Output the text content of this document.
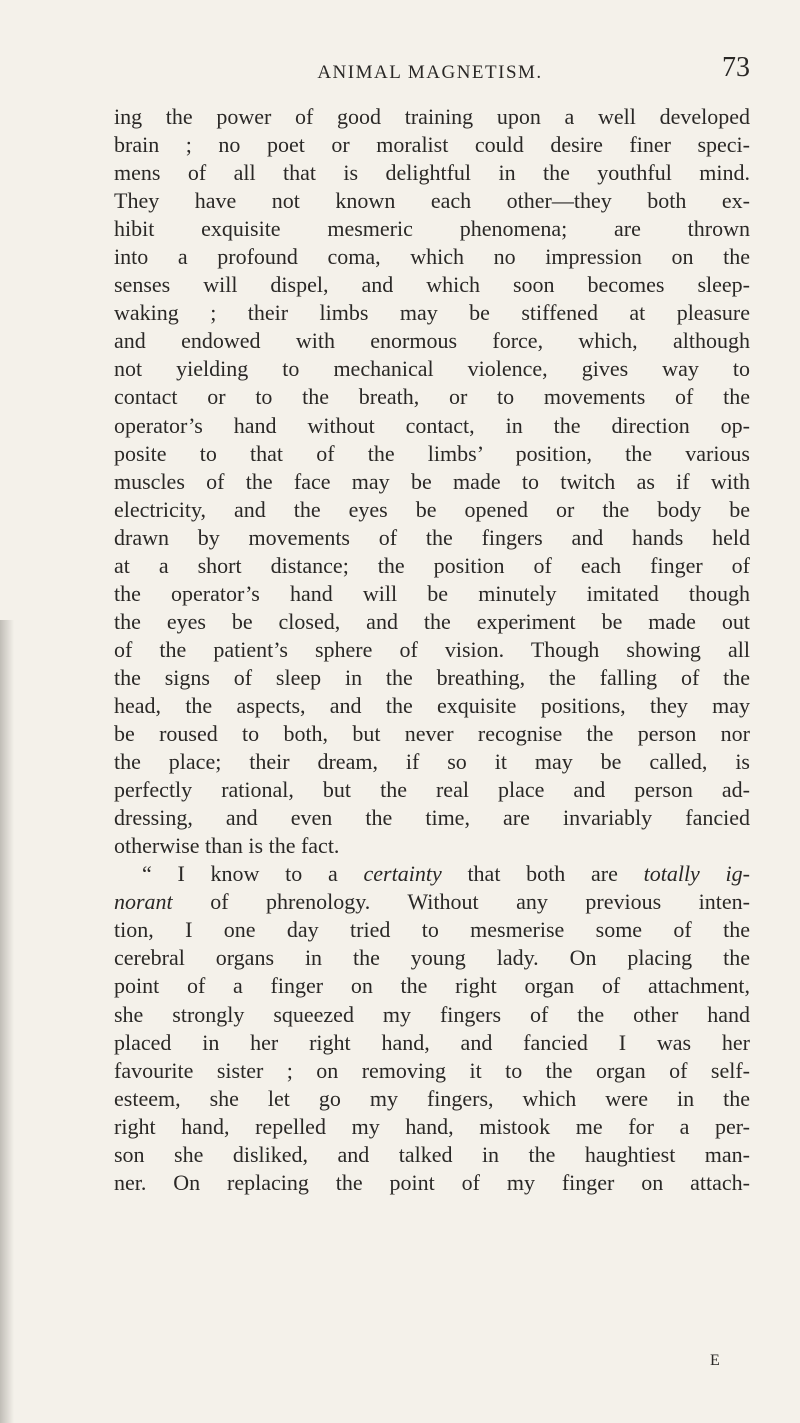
ANIMAL MAGNETISM.	73
ing the power of good training upon a well developed
brain ; no poet or moralist could desire finer speci-
mens of all that is delightful in the youthful mind.
They have not known each other—they both ex-
hibit exquisite mesmeric phenomena; are thrown
into a profound coma, which no impression on the
senses will dispel, and which soon becomes sleep-
waking ; their limbs may be stiffened at pleasure
and endowed with enormous force, which, although
not yielding to mechanical violence, gives way to
contact or to the breath, or to movements of the
operator’s hand without contact, in the direction op-
posite to that of the limbs’ position, the various
muscles of the face may be made to twitch as if with
electricity, and the eyes be opened or the body be
drawn by movements of the fingers and hands held
at a short distance; the position of each finger of
the operator’s hand will be minutely imitated though
the eyes be closed, and the experiment be made out
of the patient’s sphere of vision. Though showing all
the signs of sleep in the breathing, the falling of the
head, the aspects, and the exquisite positions, they may
be roused to both, but never recognise the person nor
the place; their dream, if so it may be called, is
perfectly rational, but the real place and person ad-
dressing, and even the time, are invariably fancied
otherwise than is the fact.
“ I know to a certainty that both are totally ig-
norant of phrenology. Without any previous inten-
tion, I one day tried to mesmerise some of the
cerebral organs in the young lady. On placing the
point of a finger on the right organ of attachment,
she strongly squeezed my fingers of the other hand
placed in her right hand, and fancied I was her
favourite sister ; on removing it to the organ of self-
esteem, she let go my fingers, which were in the
right hand, repelled my hand, mistook me for a per-
son she disliked, and talked in the haughtiest man-
ner. On replacing the point of my finger on attach-
E
